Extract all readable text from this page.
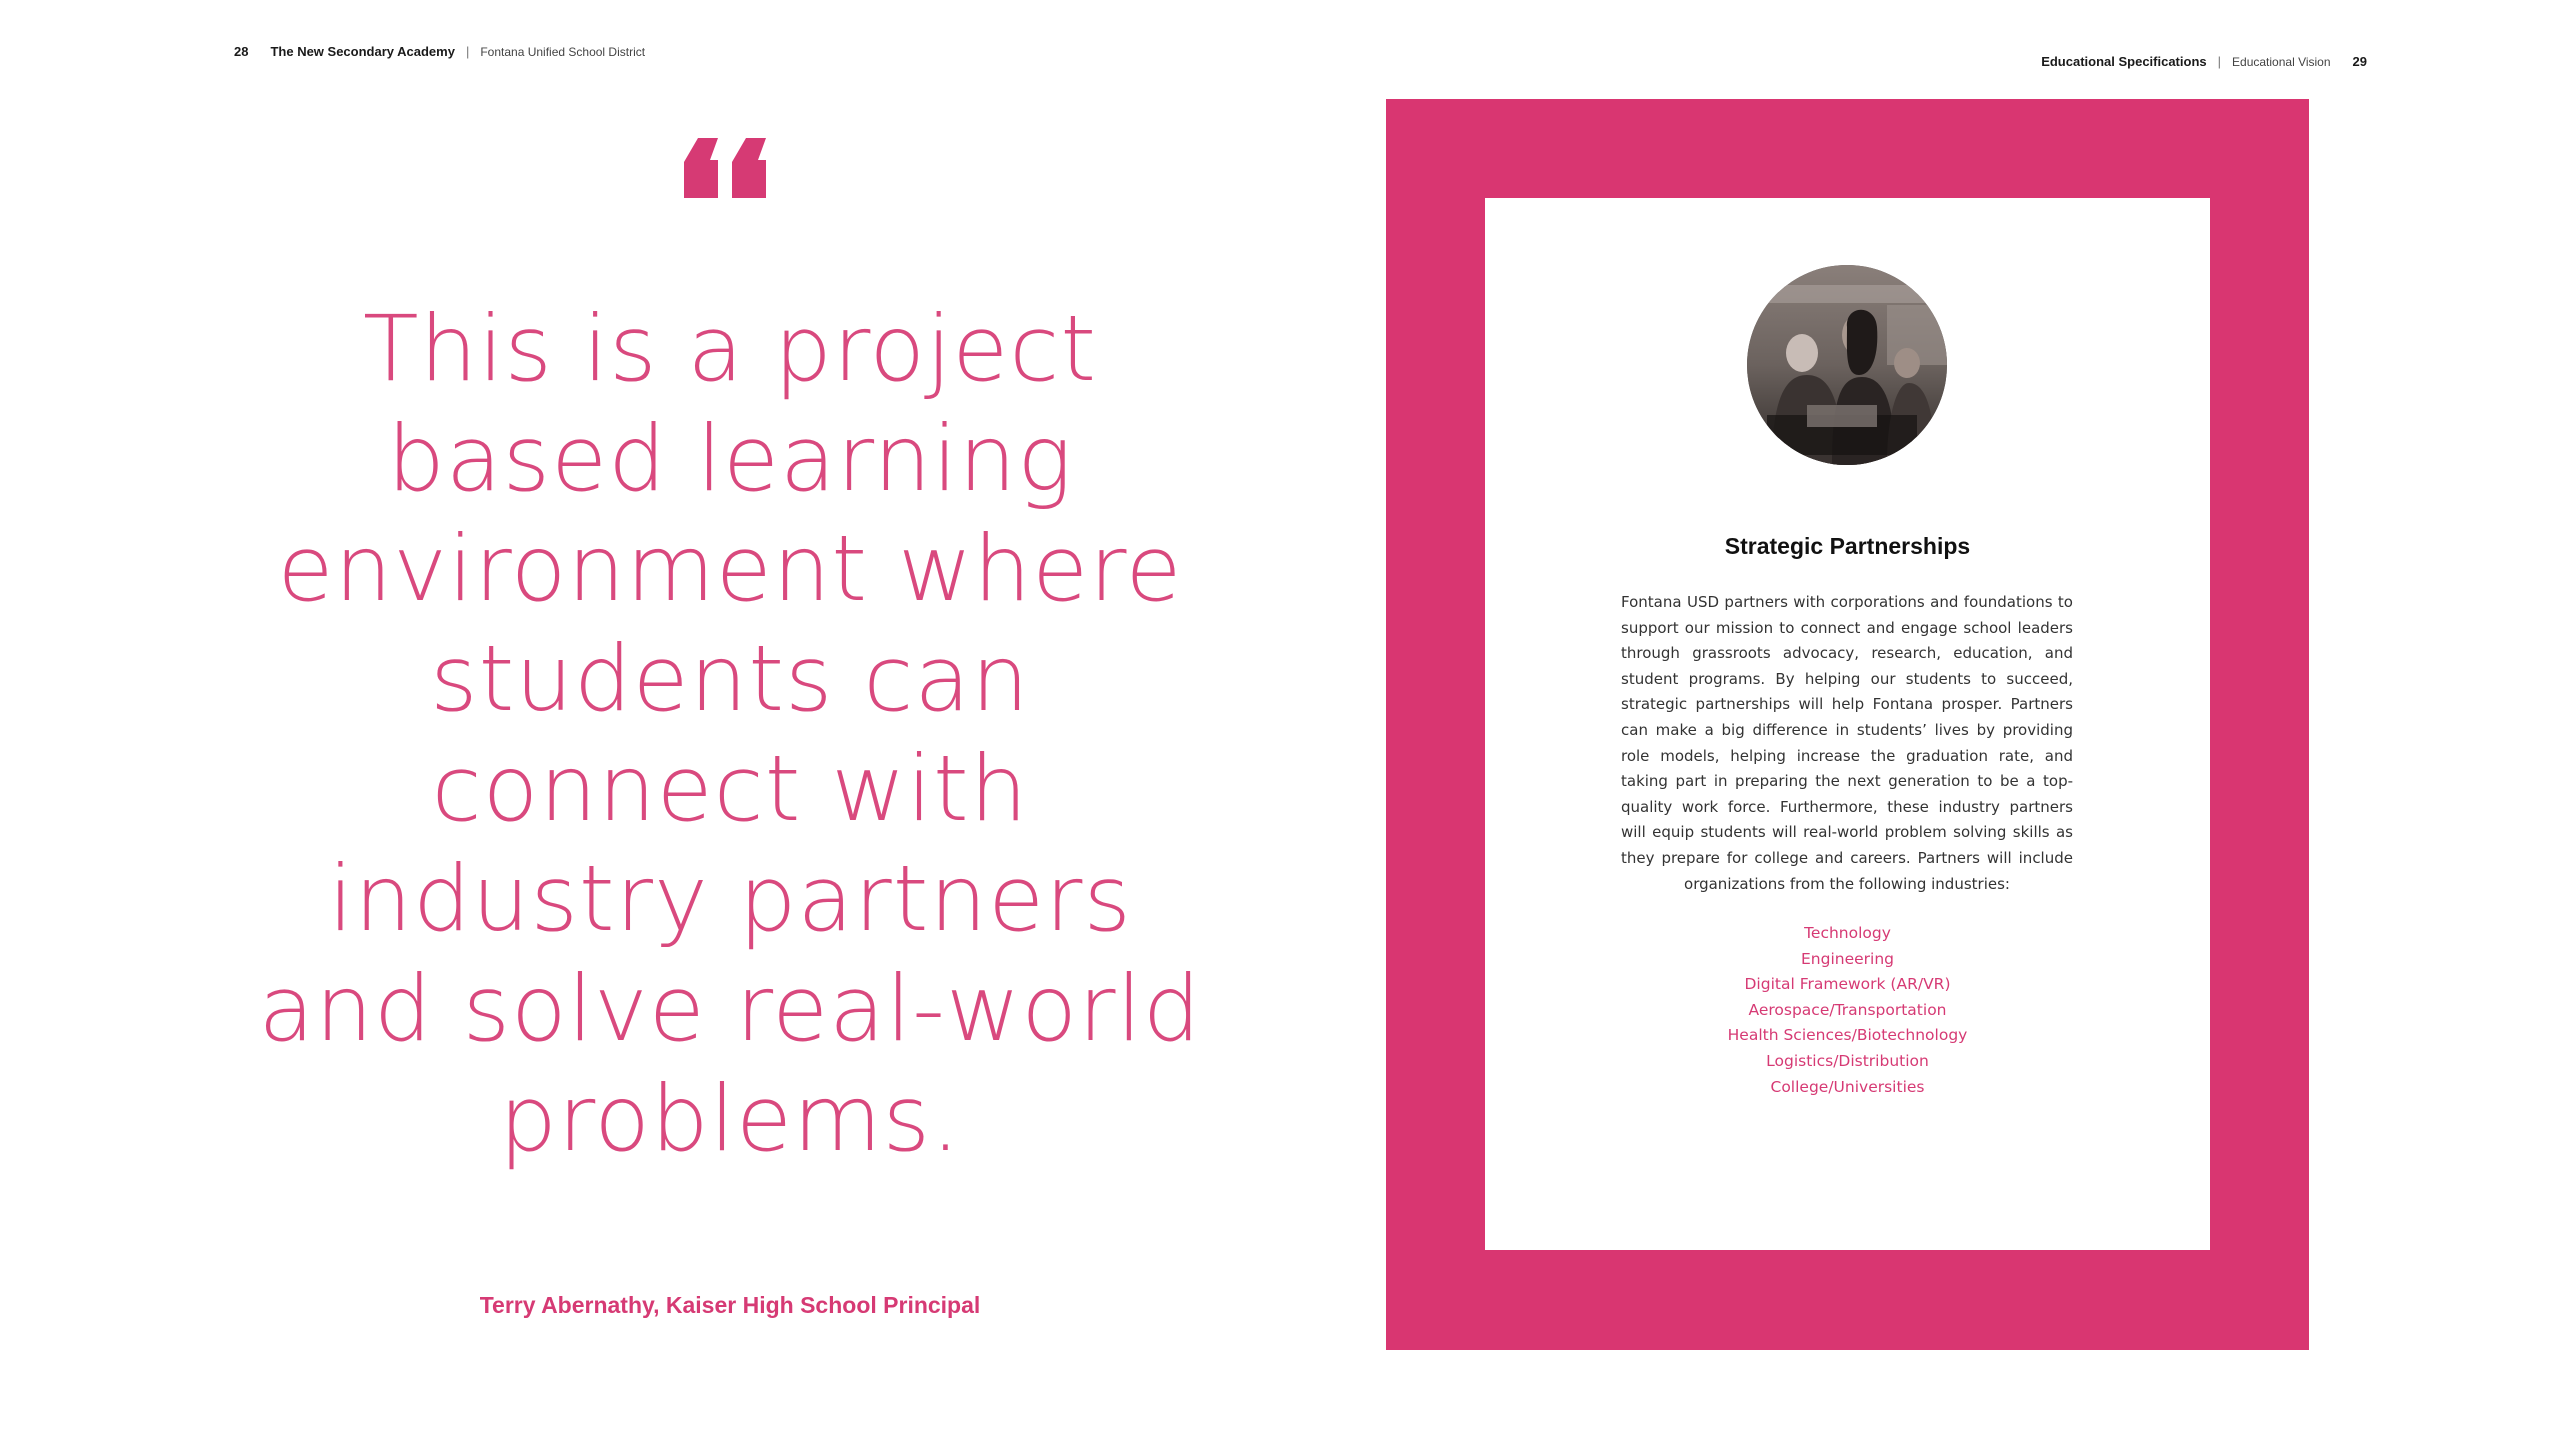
28 The New Secondary Academy | Fontana Unified School District
Educational Specifications | Educational Vision 29
This is a project based learning environment where students can connect with industry partners and solve real-world problems.
Terry Abernathy, Kaiser High School Principal
Strategic Partnerships
Fontana USD partners with corporations and foundations to support our mission to connect and engage school leaders through grassroots advocacy, research, education, and student programs. By helping our students to succeed, strategic partnerships will help Fontana prosper. Partners can make a big difference in students’ lives by providing role models, helping increase the graduation rate, and taking part in preparing the next generation to be a top-quality work force. Furthermore, these industry partners will equip students will real-world problem solving skills as they prepare for college and careers. Partners will include organizations from the following industries:
Technology
Engineering
Digital Framework (AR/VR)
Aerospace/Transportation
Health Sciences/Biotechnology
Logistics/Distribution
College/Universities
